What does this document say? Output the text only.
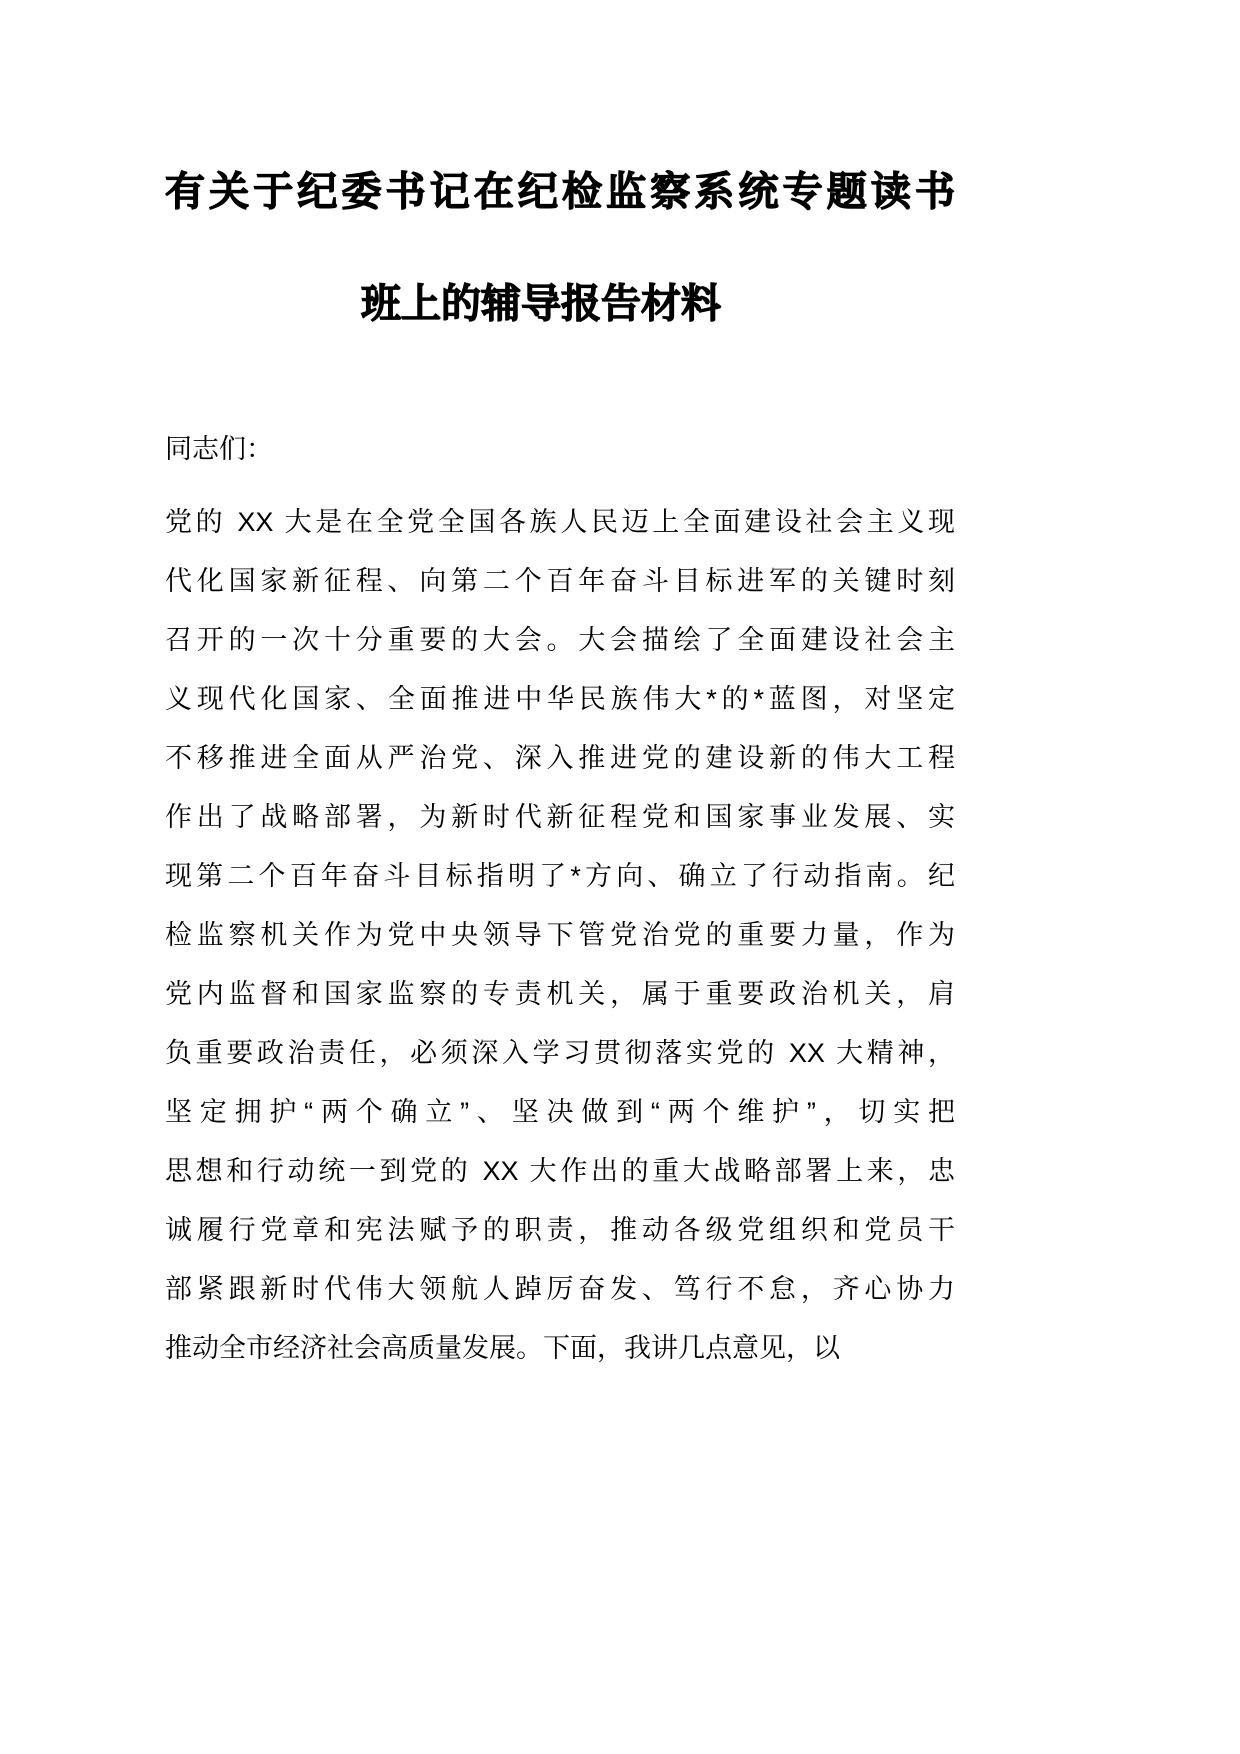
有关于纪委书记在纪检监察系统专题读书
班上的辅导报告材料

同志们：

党的 XX 大是在全党全国各族人民迈上全面建设社会主义现
代化国家新征程、向第二个百年奋斗目标进军的关键时刻
召开的一次十分重要的大会。大会描绘了全面建设社会主
义现代化国家、全面推进中华民族伟大*的*蓝图，对坚定
不移推进全面从严治党、深入推进党的建设新的伟大工程
作出了战略部署，为新时代新征程党和国家事业发展、实
现第二个百年奋斗目标指明了*方向、确立了行动指南。纪
检监察机关作为党中央领导下管党治党的重要力量，作为
党内监督和国家监察的专责机关，属于重要政治机关，肩
负重要政治责任，必须深入学习贯彻落实党的 XX 大精神，
坚定拥护“两个确立”、坚决做到“两个维护”，切实把
思想和行动统一到党的 XX 大作出的重大战略部署上来，忠
诚履行党章和宪法赋予的职责，推动各级党组织和党员干
部紧跟新时代伟大领航人踔厉奋发、笃行不怠，齐心协力
推动全市经济社会高质量发展。下面，我讲几点意见，以
